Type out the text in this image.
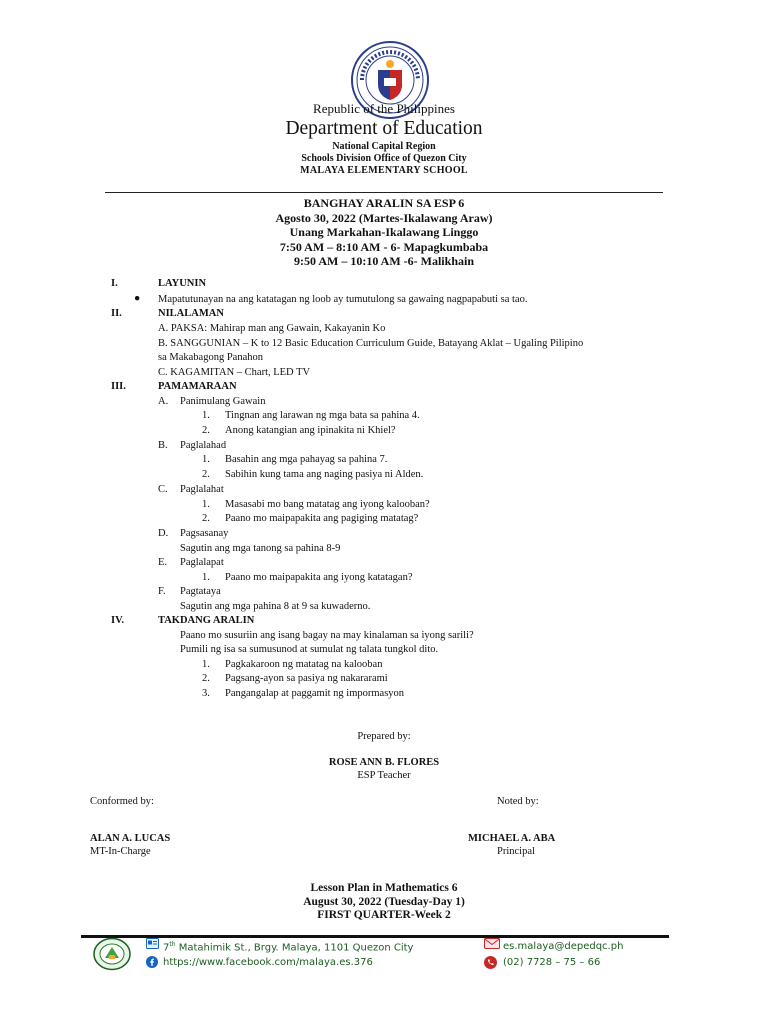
Republic of the Philippines
Department of Education
National Capital Region
Schools Division Office of Quezon City
MALAYA ELEMENTARY SCHOOL
BANGHAY ARALIN SA ESP 6
Agosto 30, 2022 (Martes-Ikalawang Araw)
Unang Markahan-Ikalawang Linggo
7:50 AM – 8:10 AM - 6- Mapagkumbaba
9:50 AM – 10:10 AM -6- Malikhain
I.	LAYUNIN
● Mapatutunayan na ang katatagan ng loob ay tumutulong sa gawaing nagpapabuti sa tao.
II.	NILALAMAN
A. PAKSA: Mahirap man ang Gawain, Kakayanin Ko
B. SANGGUNIAN – K to 12 Basic Education Curriculum Guide, Batayang Aklat – Ugaling Pilipino
sa Makabagong Panahon
C. KAGAMITAN – Chart, LED TV
III.	PAMAMARAAN
A. Panimulang Gawain
1. Tingnan ang larawan ng mga bata sa pahina 4.
2. Anong katangian ang ipinakita ni Khiel?
B. Paglalahad
1. Basahin ang mga pahayag sa pahina 7.
2. Sabihin kung tama ang naging pasiya ni Alden.
C. Paglalahat
1. Masasabi mo bang matatag ang iyong kalooban?
2. Paano mo maipapakita ang pagiging matatag?
D. Pagsasanay
Sagutin ang mga tanong sa pahina 8-9
E. Paglalapat
1. Paano mo maipapakita ang iyong katatagan?
F. Pagtataya
Sagutin ang mga pahina 8 at 9 sa kuwaderno.
IV.	TAKDANG ARALIN
Paano mo susuriin ang isang bagay na may kinalaman sa iyong sarili?
Pumili ng isa sa sumusunod at sumulat ng talata tungkol dito.
1. Pagkakaroon ng matatag na kalooban
2. Pagsang-ayon sa pasiya ng nakararami
3. Pangangalap at paggamit ng impormasyon
Prepared by:
ROSE ANN B. FLORES
ESP Teacher
Conformed by:	Noted by:
ALAN A. LUCAS
MT-In-Charge
MICHAEL A. ABA
Principal
Lesson Plan in Mathematics 6
August 30, 2022 (Tuesday-Day 1)
FIRST QUARTER-Week 2
7th Matahimik St., Brgy. Malaya, 1101 Quezon City
https://www.facebook.com/malaya.es.376
es.malaya@depedqc.ph
(02) 7728 – 75 – 66
